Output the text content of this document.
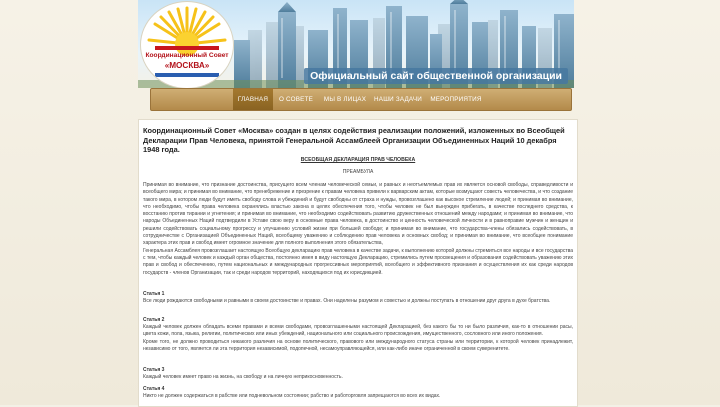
Официальный сайт общественной организации
Координационный Совет
«МОСКВА»
ГЛАВНАЯ	О СОВЕТЕ	МЫ В ЛИЦАХ	НАШИ ЗАДАЧИ	МЕРОПРИЯТИЯ
Координационный Совет «Москва» создан в целях содействия реализации положений, изложенных во Всеобщей Декларации Прав Человека, принятой Генеральной Ассамблеей Организации Объединенных Наций 10 декабря 1948 года.
ВСЕОБЩАЯ ДЕКЛАРАЦИЯ ПРАВ ЧЕЛОВЕКА
ПРЕАМБУЛА

Принимая во внимание, что признание достоинства, присущего всем членам человеческой семьи, и равных и неотъемлемых прав их является основой свободы, справедливости и всеобщего мира; и принимая во внимание, что пренебрежение и презрение к правам человека привели к варварским актам, которые возмущают совесть человечества, и что создание такого мира, в котором люди будут иметь свободу слова и убеждений и будут свободны от страха и нужды, провозглашено как высокое стремление людей; и принимая во внимание, что необходимо, чтобы права человека охранялись властью закона в целях обеспечения того, чтобы человек не был вынужден прибегать, в качестве последнего средства, к восстанию против тирании и угнетения; и принимая во внимание, что необходимо содействовать развитию дружественных отношений между народами; и принимая во внимание, что народы Объединенных Наций подтвердили в Уставе свою веру в основные права человека, в достоинство и ценность человеческой личности и в равноправие мужчин и женщин и решили содействовать социальному прогрессу и улучшению условий жизни при большей свободе; и принимая во внимание, что государства-члены обязались содействовать, в сотрудничестве с Организацией Объединенных Наций, всеобщему уважению и соблюдению прав человека и основных свобод; и принимая во внимание, что всеобщее понимание характера этих прав и свобод имеет огромное значение для полного выполнения этого обязательства,

Генеральная Ассамблея провозглашает настоящую Всеобщую декларацию прав человека в качестве задачи, к выполнению которой должны стремиться все народы и все государства с тем, чтобы каждый человек и каждый орган общества, постоянно имея в виду настоящую Декларацию, стремились путем просвещения и образования содействовать уважению этих прав и свобод и обеспечению, путем национальных и международных прогрессивных мероприятий, всеобщего и эффективного признания и осуществления их как среди народов государств - членов Организации, так и среди народов территорий, находящихся под их юрисдикцией.

Статья 1

Все люди рождаются свободными и равными в своем достоинстве и правах. Они наделены разумом и совестью и должны поступать в отношении друг друга в духе братства.

Статья 2

Каждый человек должен обладать всеми правами и всеми свободами, провозглашенными настоящей Декларацией, без какого бы то ни было различия, как-то в отношении расы, цвета кожи, пола, языка, религии, политических или иных убеждений, национального или социального происхождения, имущественного, сословного или иного положения.

Кроме того, не должно проводиться никакого различия на основе политического, правового или международного статуса страны или территории, к которой человек принадлежит, независимо от того, является ли эта территория независимой, подопечной, несамоуправляющейся, или как-либо иначе ограниченной в своем суверенитете.

Статья 3

Каждый человек имеет право на жизнь, на свободу и на личную неприкосновенность.

Статья 4

Никто не должен содержаться в рабстве или подневольном состоянии; рабство и работорговля запрещаются во всех их видах.
